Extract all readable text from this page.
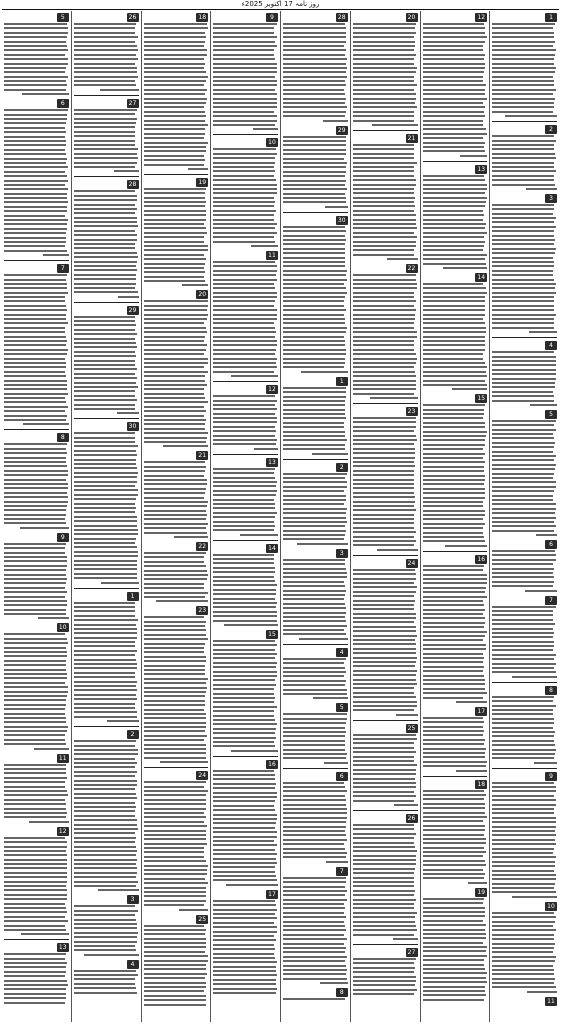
روز نامہ 17 اکتوبر 2025ء
1
2
3
4
5
6
7
8
9
10
11
12
13
14
15
16
17
18
19
20
21
22
23
24
25
26
27
28
29
30
1
2
3
4
5
6
7
8
9
10
11
12
13
14
15
16
17
18
19
20
21
22
23
24
25
26
27
28
29
30
1
2
3
4
5
6
7
8
9
10
11
12
13
